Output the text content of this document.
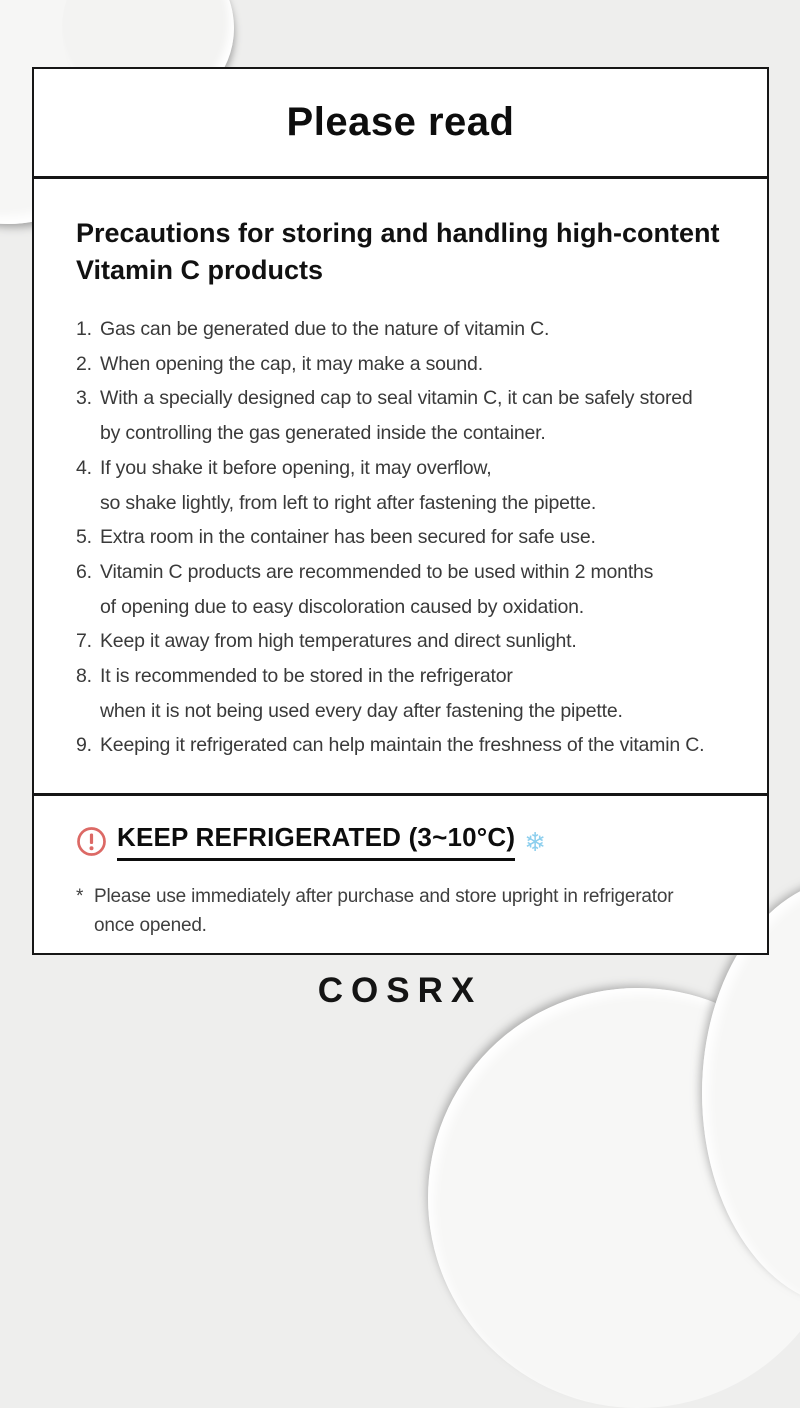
Please read
Precautions for storing and handling high-content
Vitamin C products
1. Gas can be generated due to the nature of vitamin C.
2. When opening the cap, it may make a sound.
3. With a specially designed cap to seal vitamin C, it can be safely stored
by controlling the gas generated inside the container.
4. If you shake it before opening, it may overflow,
so shake lightly, from left to right after fastening the pipette.
5. Extra room in the container has been secured for safe use.
6. Vitamin C products are recommended to be used within 2 months
of opening due to easy discoloration caused by oxidation.
7. Keep it away from high temperatures and direct sunlight.
8. It is recommended to be stored in the refrigerator
when it is not being used every day after fastening the pipette.
9. Keeping it refrigerated can help maintain the freshness of the vitamin C.
KEEP REFRIGERATED (3~10°C) ❄
* Please use immediately after purchase and store upright in refrigerator
once opened.
COSRX
